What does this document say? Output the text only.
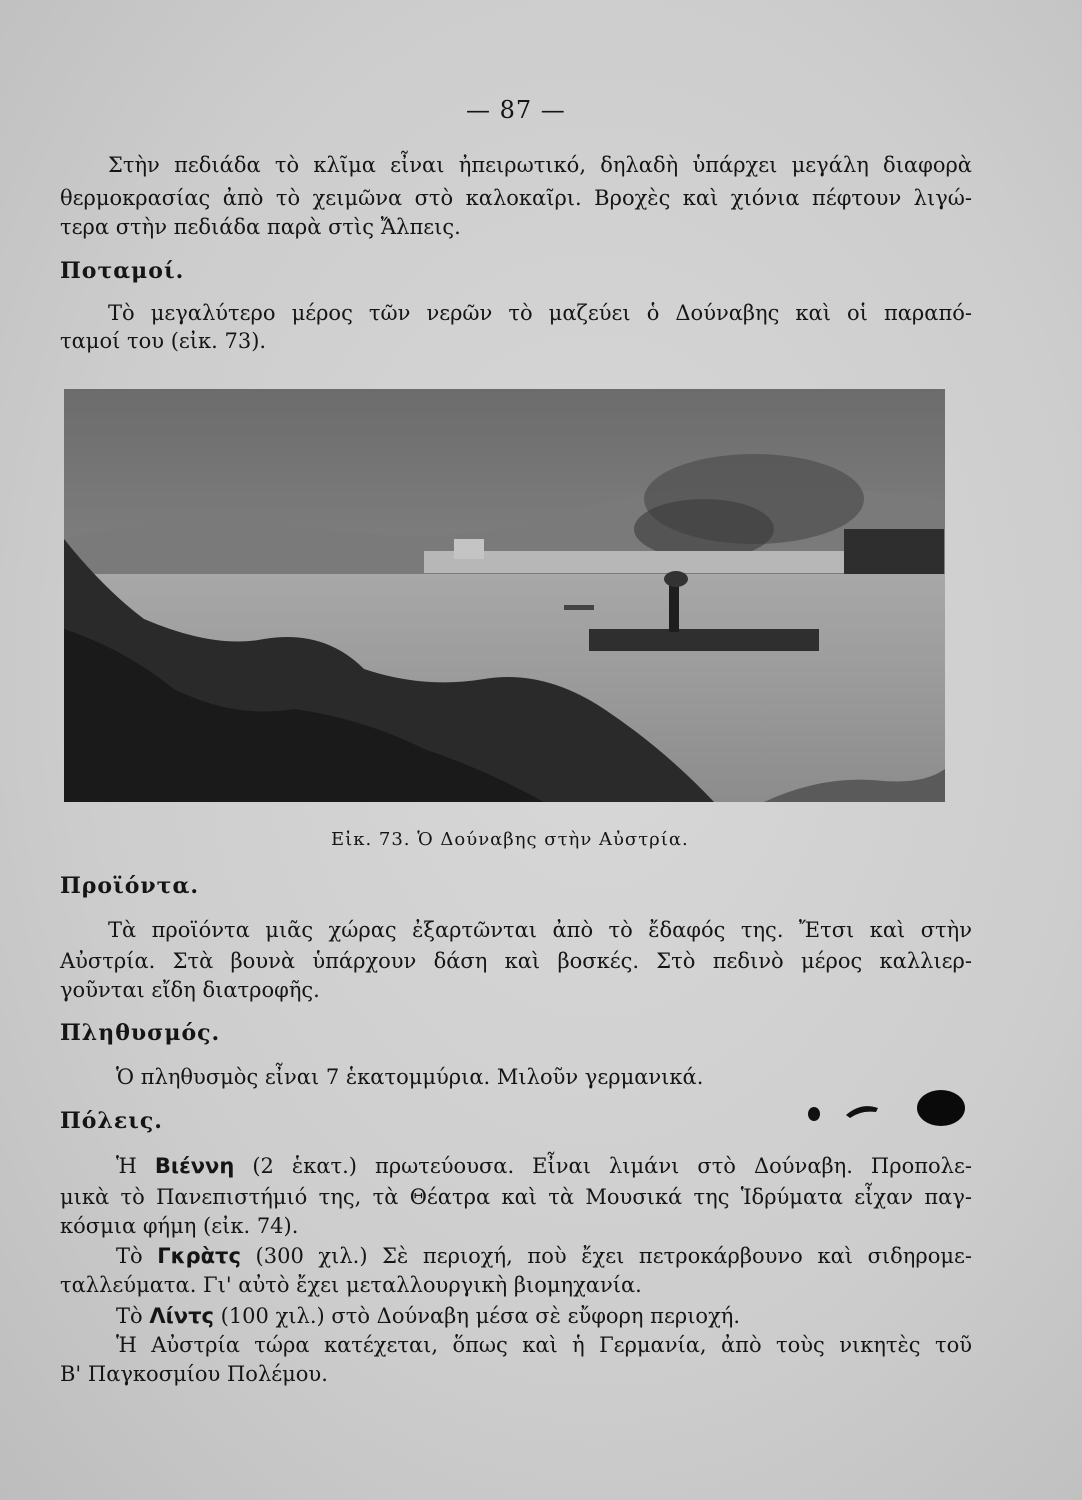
— 87 —
Στὴν πεδιάδα τὸ κλῖμα εἶναι ἠπειρωτικό, δηλαδὴ ὑπάρχει μεγάλη διαφορὰ
θερμοκρασίας ἀπὸ τὸ χειμῶνα στὸ καλοκαῖρι. Βροχὲς καὶ χιόνια πέφτουν λιγώ-
τερα στὴν πεδιάδα παρὰ στὶς Ἄλπεις.
Ποταμοί.
Τὸ μεγαλύτερο μέρος τῶν νερῶν τὸ μαζεύει ὁ Δούναβης καὶ οἱ παραπό-
ταμοί του (εἰκ. 73).
Εἰκ. 73. Ὁ Δούναβης στὴν Αὐστρία.
Προϊόντα.
Τὰ προϊόντα μιᾶς χώρας ἐξαρτῶνται ἀπὸ τὸ ἔδαφός της. Ἔτσι καὶ στὴν
Αὐστρία. Στὰ βουνὰ ὑπάρχουν δάση καὶ βοσκές. Στὸ πεδινὸ μέρος καλλιερ-
γοῦνται εἴδη διατροφῆς.
Πληθυσμός.
Ὁ πληθυσμὸς εἶναι 7 ἑκατομμύρια. Μιλοῦν γερμανικά.
Πόλεις.
Ἡ Βιέννη (2 ἑκατ.) πρωτεύουσα. Εἶναι λιμάνι στὸ Δούναβη. Προπολε-
μικὰ τὸ Πανεπιστήμιό της, τὰ Θέατρα καὶ τὰ Μουσικά της Ἱδρύματα εἶχαν παγ-
κόσμια φήμη (εἰκ. 74).
Τὸ Γκρὰτς (300 χιλ.) Σὲ περιοχή, ποὺ ἔχει πετροκάρβουνο καὶ σιδηρομε-
ταλλεύματα. Γι' αὐτὸ ἔχει μεταλλουργικὴ βιομηχανία.
Τὸ Λίντς (100 χιλ.) στὸ Δούναβη μέσα σὲ εὔφορη περιοχή.
Ἡ Αὐστρία τώρα κατέχεται, ὅπως καὶ ἡ Γερμανία, ἀπὸ τοὺς νικητὲς τοῦ
Β' Παγκοσμίου Πολέμου.
